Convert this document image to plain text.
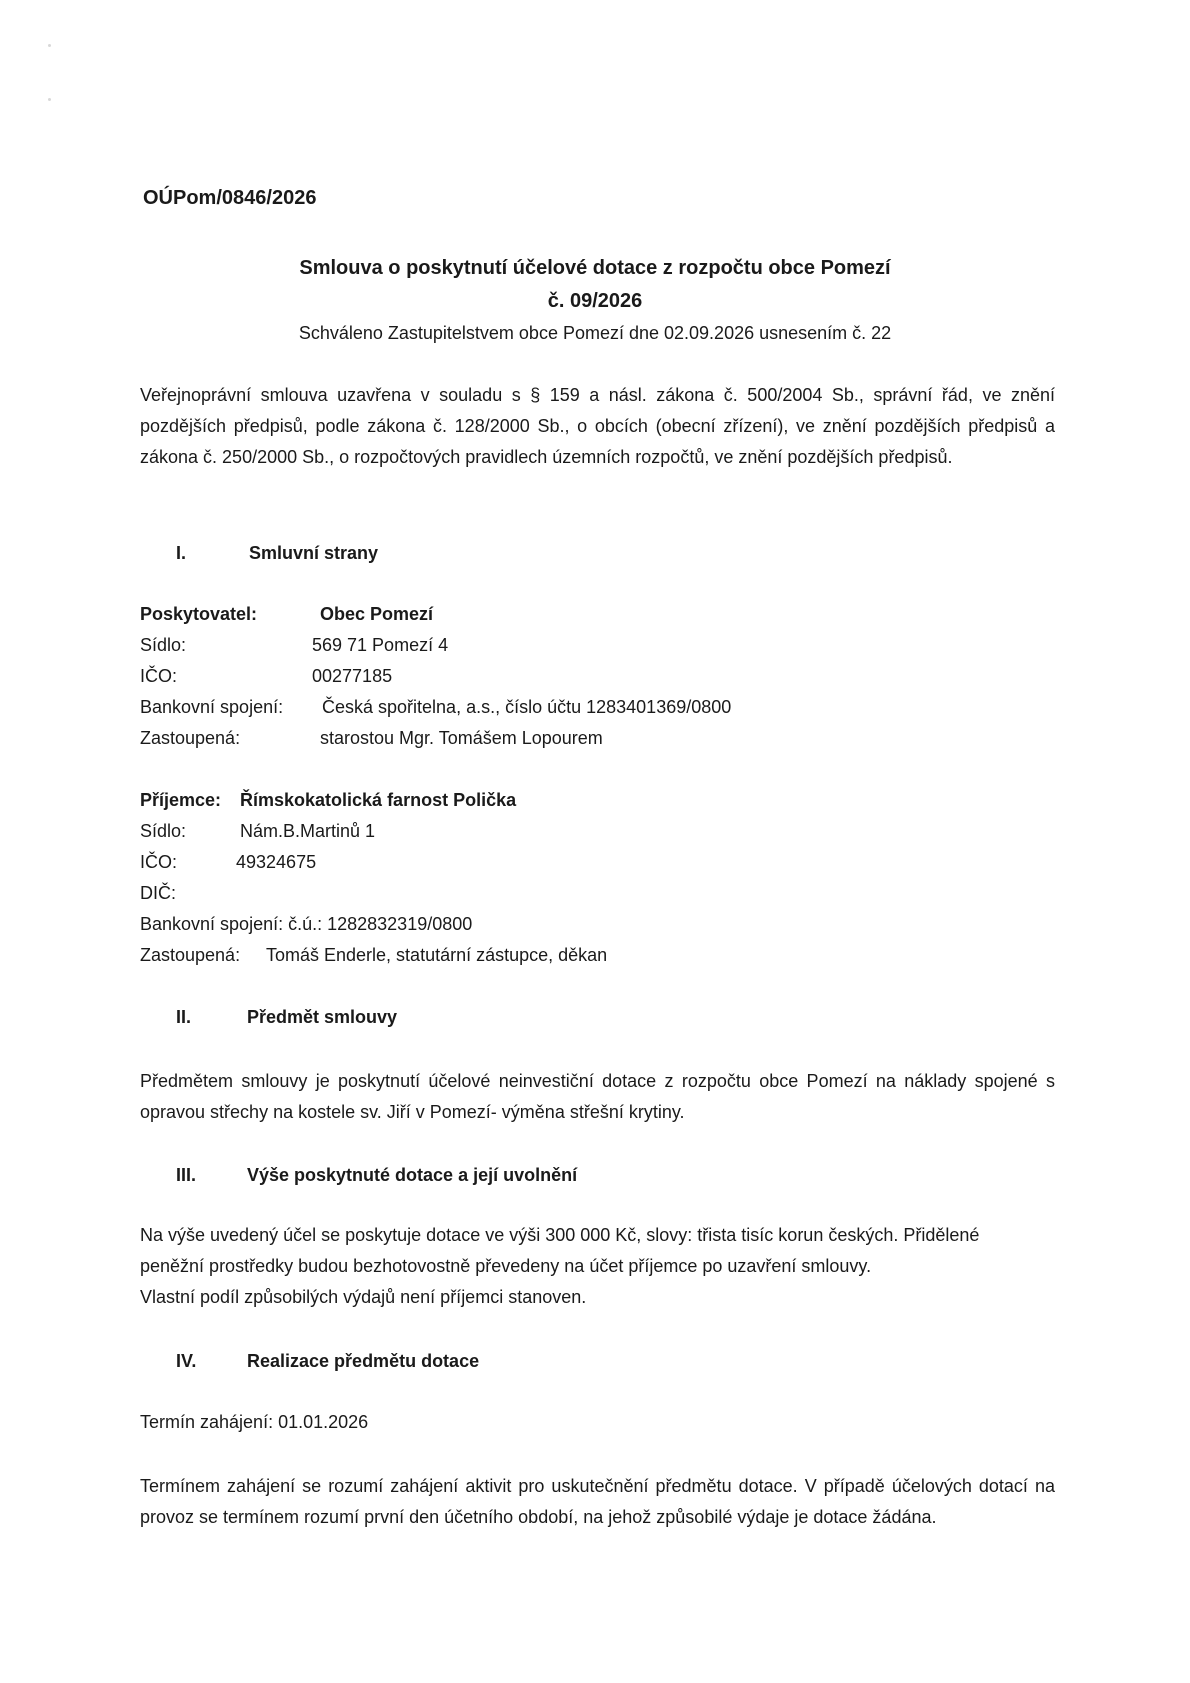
OÚPom/0846/2026
Smlouva o poskytnutí účelové dotace z rozpočtu obce Pomezí
č. 09/2026
Schváleno Zastupitelstvem obce Pomezí dne 02.09.2026 usnesením č. 22
Veřejnoprávní smlouva uzavřena v souladu s § 159 a násl. zákona č. 500/2004 Sb., správní řád, ve znění pozdějších předpisů, podle zákona č. 128/2000 Sb., o obcích (obecní zřízení), ve znění pozdějších předpisů a zákona č. 250/2000 Sb., o rozpočtových pravidlech územních rozpočtů, ve znění pozdějších předpisů.
I.	Smluvní strany
Poskytovatel:	Obec Pomezí
Sídlo:	569 71 Pomezí 4
IČO:	00277185
Bankovní spojení: Česká spořitelna, a.s., číslo účtu 1283401369/0800
Zastoupená:	starostou Mgr. Tomášem Lopourem
Příjemce: Římskokatolická farnost Polička
Sídlo:	Nám.B.Martinů 1
IČO:	49324675
DIČ:
Bankovní spojení: č.ú.: 1282832319/0800
Zastoupená: Tomáš Enderle, statutární zástupce, děkan
II.	Předmět smlouvy
Předmětem smlouvy je poskytnutí účelové neinvestiční dotace z rozpočtu obce Pomezí na náklady spojené s opravou střechy na kostele sv. Jiří v Pomezí- výměna střešní krytiny.
III.	Výše poskytnuté dotace a její uvolnění
Na výše uvedený účel se poskytuje dotace ve výši 300 000 Kč, slovy: třista tisíc korun českých. Přidělené
peněžní prostředky budou bezhotovostně převedeny na účet příjemce po uzavření smlouvy.
Vlastní podíl způsobilých výdajů není příjemci stanoven.
IV.	Realizace předmětu dotace
Termín zahájení: 01.01.2026
Termínem zahájení se rozumí zahájení aktivit pro uskutečnění předmětu dotace. V případě účelových dotací na provoz se termínem rozumí první den účetního období, na jehož způsobilé výdaje je dotace žádána.
